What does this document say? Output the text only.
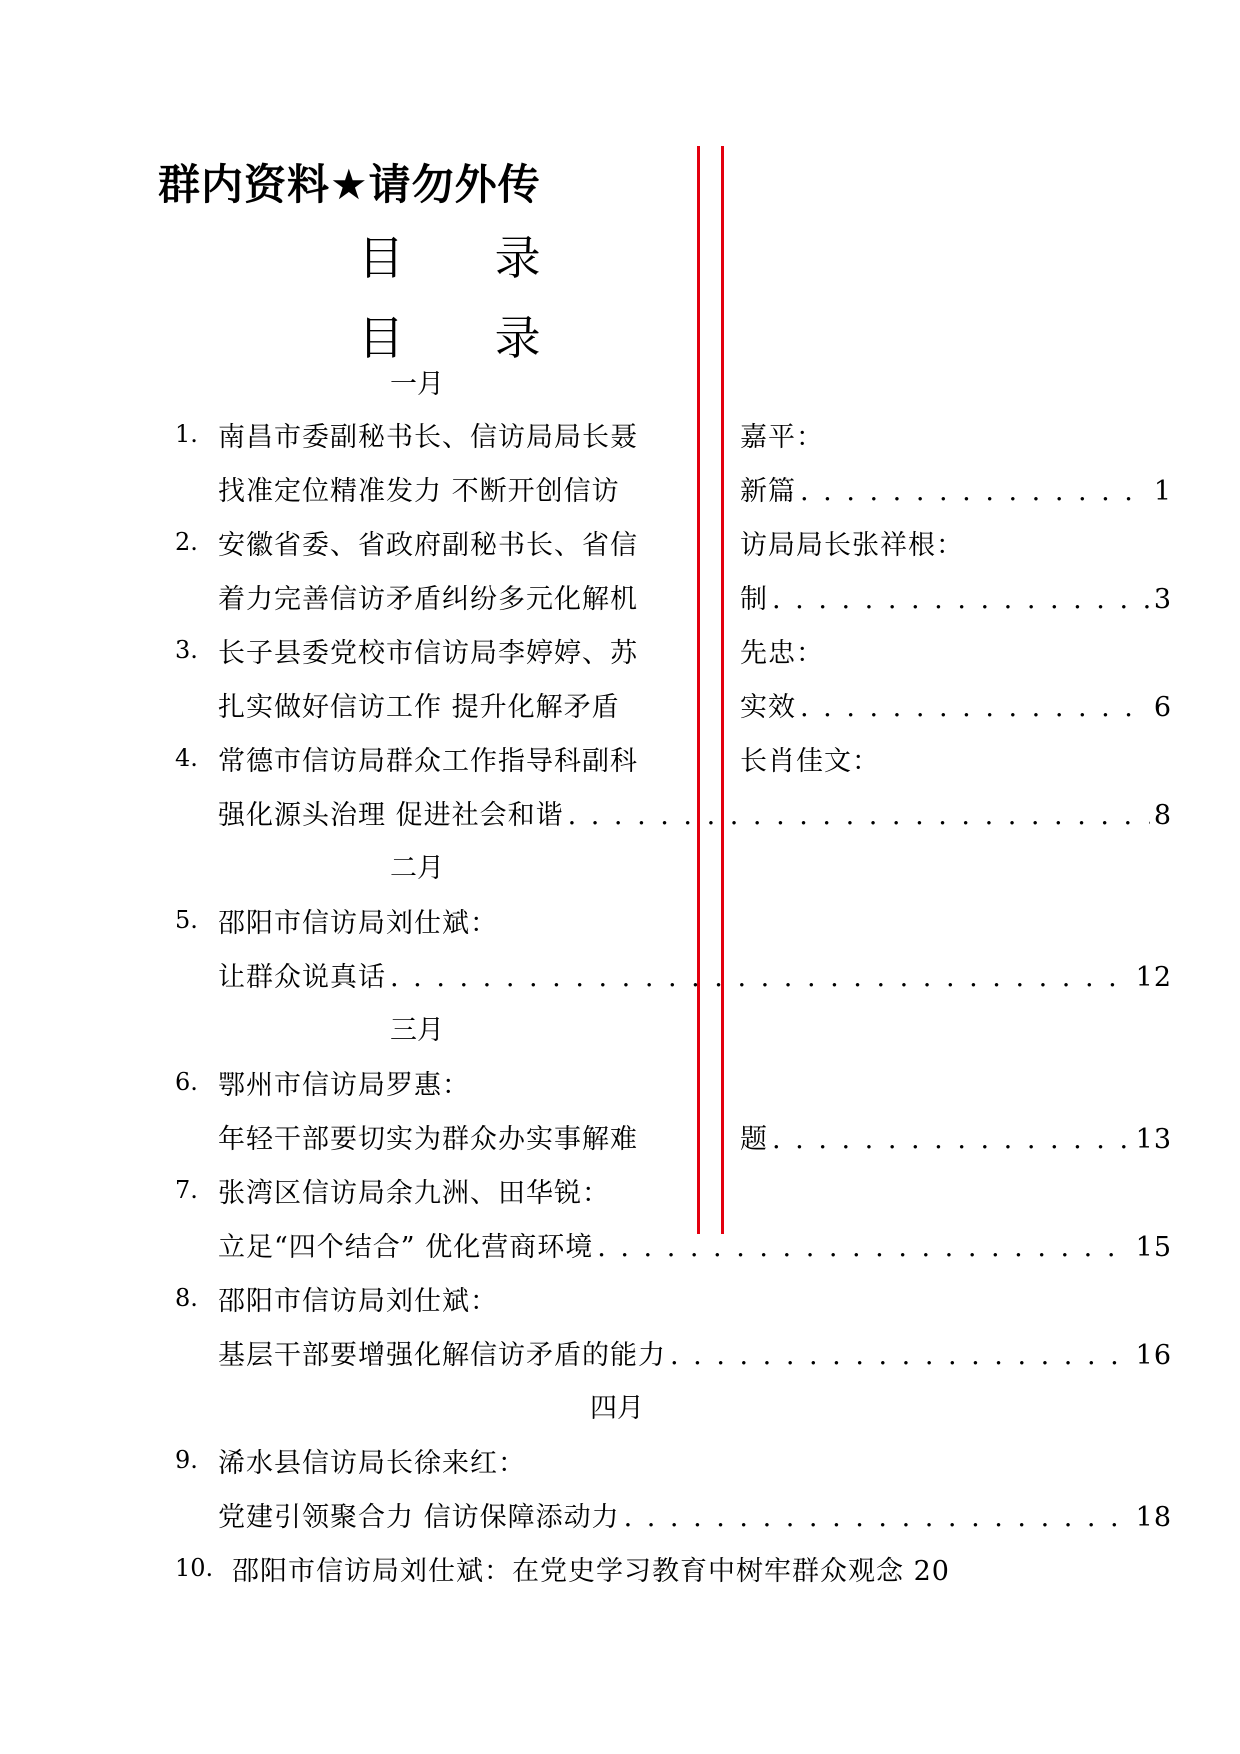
群内资料★请勿外传
目 录
目 录
一月
1. 南昌市委副秘书长、信访局局长聂	嘉平：
找准定位精准发力 不断开创信访	新篇 . . .	1
2. 安徽省委、省政府副秘书长、省信	访局局长张祥根：
着力完善信访矛盾纠纷多元化解机	制 . . .	3
3. 长子县委党校市信访局李婷婷、苏	先忠：
扎实做好信访工作 提升化解矛盾	实效 . . .	6
4. 常德市信访局群众工作指导科副科	长肖佳文：
强化源头治理 促进社会和谐 . . .	8
二月
5. 邵阳市信访局刘仕斌：
让群众说真话 . . .	12
三月
6. 鄂州市信访局罗惠：
年轻干部要切实为群众办实事解难	题 . . .	13
7. 张湾区信访局余九洲、田华锐：
立足“四个结合” 优化营商环境 . . .	15
8. 邵阳市信访局刘仕斌：
基层干部要增强化解信访矛盾的能力 . . .	16
四月
9. 浠水县信访局长徐来红：
党建引领聚合力 信访保障添动力 . . .	18
10. 邵阳市信访局刘仕斌：在党史学习教育中树牢群众观念 20
